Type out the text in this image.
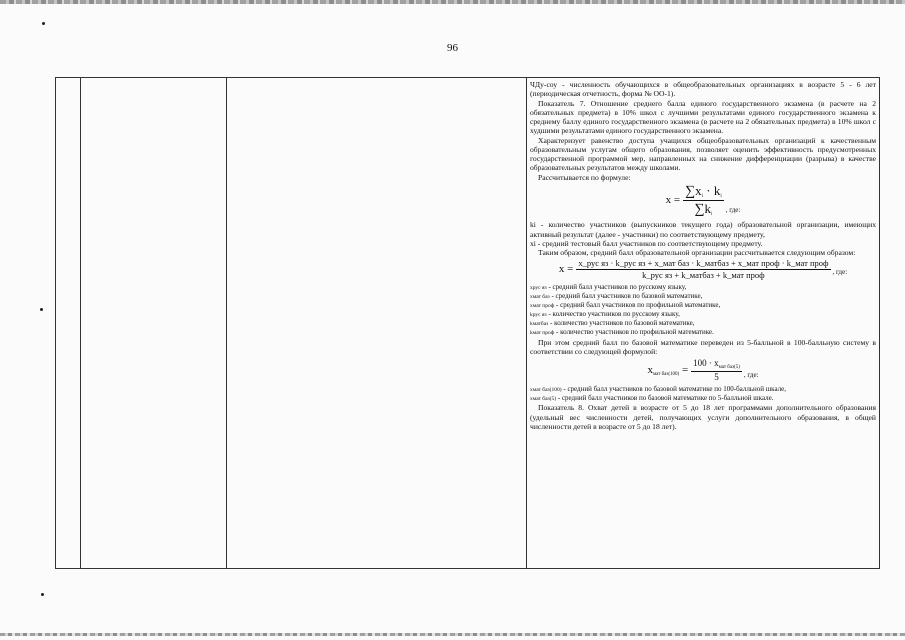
96

ЧДу-соу - численность обучающихся в общеобразовательных организациях в возрасте 5 - 6 лет (периодическая отчетность, форма № ОО-1).

Показатель 7. Отношение среднего балла единого государственного экзамена (в расчете на 2 обязательных предмета) в 10% школ с лучшими результатами единого государственного экзамена к среднему баллу единого государственного экзамена (в расчете на 2 обязательных предмета) в 10% школ с худшими результатами единого государственного экзамена.

Характеризует равенство доступа учащихся общеобразовательных организаций к качественным образовательным услугам общего образования, позволяет оценить эффективность предусмотренных государственной программой мер, направленных на снижение дифференциации (разрыва) в качестве образовательных результатов между школами.

Рассчитывается по формуле:

$x = \frac{\sum x_i \cdot k_i}{\sum k_i}$ , где:

ki - количество участников (выпускников текущего года) образовательной организации, имеющих активный результат (далее - участники) по соответствующему предмету,

xi - средний тестовый балл участников по соответствующему предмету.

Таким образом, средний балл образовательной организации рассчитывается следующим образом:

x = x_рус яз · k_рус яз + x_мат баз · k_матбаз + x_мат проф · k_мат проф
k_рус яз + k_матбаз + k_мат проф	, где:

xрус яз - средний балл участников по русскому языку,

xмат баз - средний балл участников по базовой математике,

xмат проф - средний балл участников по профильной математике,

kрус яз - количество участников по русскому языку,

kматбаз - количество участников по базовой математике,

kмат проф - количество участников по профильной математике.

При этом средний балл по базовой математике переведен из 5-балльной в 100-балльную систему в соответствии со следующей формулой:

$x_{мат баз(100)} = \frac{100 \cdot x_{мат баз(5)}}{5}$ , где:

xмат баз(100) - средний балл участников по базовой математике по 100-балльной шкале,

xмат баз(5) - средний балл участников по базовой математике по 5-балльной шкале.

Показатель 8. Охват детей в возрасте от 5 до 18 лет программами дополнительного образования (удельный вес численности детей, получающих услуги дополнительного образования, в общей численности детей в возрасте от 5 до 18 лет).
